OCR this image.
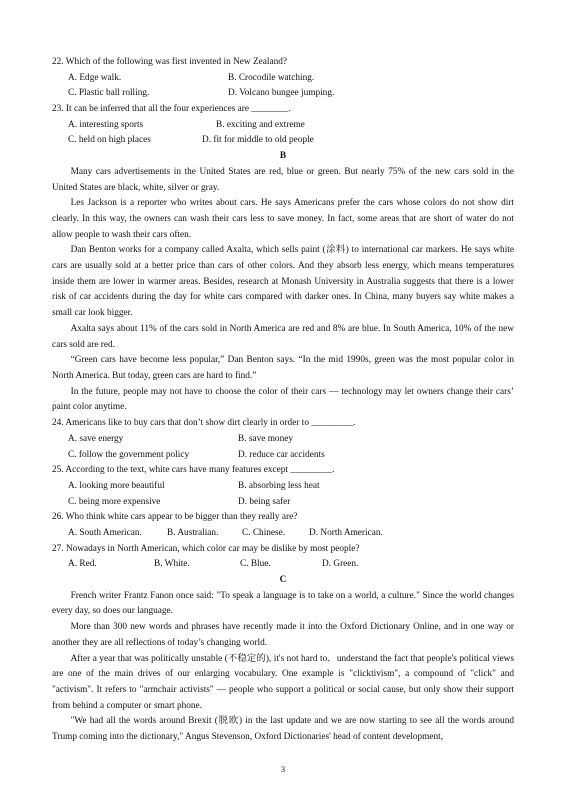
22. Which of the following was first invented in New Zealand?
A. Edge walk.	B. Crocodile watching.
C. Plastic ball rolling.	D. Volcano bungee jumping.
23. It can be inferred that all the four experiences are ________.
A. interesting sports	B. exciting and extreme
C. held on high places	D. fit for middle to old people
B

Many cars advertisements in the United States are red, blue or green. But nearly 75% of the new cars sold in the United States are black, white, silver or gray.

Les Jackson is a reporter who writes about cars. He says Americans prefer the cars whose colors do not show dirt clearly. In this way, the owners can wash their cars less to save money. In fact, some areas that are short of water do not allow people to wash their cars often.

Dan Benton works for a company called Axalta, which sells paint (涂料) to international car markers. He says white cars are usually sold at a better price than cars of other colors. And they absorb less energy, which means temperatures inside them are lower in warmer areas. Besides, research at Monash University in Australia suggests that there is a lower risk of car accidents during the day for white cars compared with darker ones. In China, many buyers say white makes a small car look bigger.

Axalta says about 11% of the cars sold in North America are red and 8% are blue. In South America, 10% of the new cars sold are red.

“Green cars have become less popular,” Dan Benton says. “In the mid 1990s, green was the most popular color in North America. But today, green cars are hard to find.”

In the future, people may not have to choose the color of their cars — technology may let owners change their cars’ paint color anytime.

24. Americans like to buy cars that don’t show dirt clearly in order to _________.
A. save energy	B. save money
C. follow the government policy	D. reduce car accidents
25. According to the text, white cars have many features except _________.
A. looking more beautiful	B. absorbing less heat
C. being more expensive	D. being safer
26. Who think white cars appear to be bigger than they really are?
A. South American.	B. Australian.	C. Chinese.	D. North American.
27. Nowadays in North American, which color car may be dislike by most people?
A. Red.	B. White.	C. Blue.	D. Green.
C

French writer Frantz Fanon once said: "To speak a language is to take on a world, a culture." Since the world changes every day, so does our language.

More than 300 new words and phrases have recently made it into the Oxford Dictionary Online, and in one way or another they are all reflections of today’s changing world.

After a year that was politically unstable (不稳定的), it's not hard to．understand the fact that people's political views are one of the main drives of our enlarging vocabulary. One example is "clicktivism", a compound of "click" and "activism". It refers to "armchair activists" — people who support a political or social cause, but only show their support from behind a computer or smart phone.

"We had all the words around Brexit (脱欧) in the last update and we are now starting to see all the words around Trump coming into the dictionary," Angus Stevenson, Oxford Dictionaries' head of content development,

3
